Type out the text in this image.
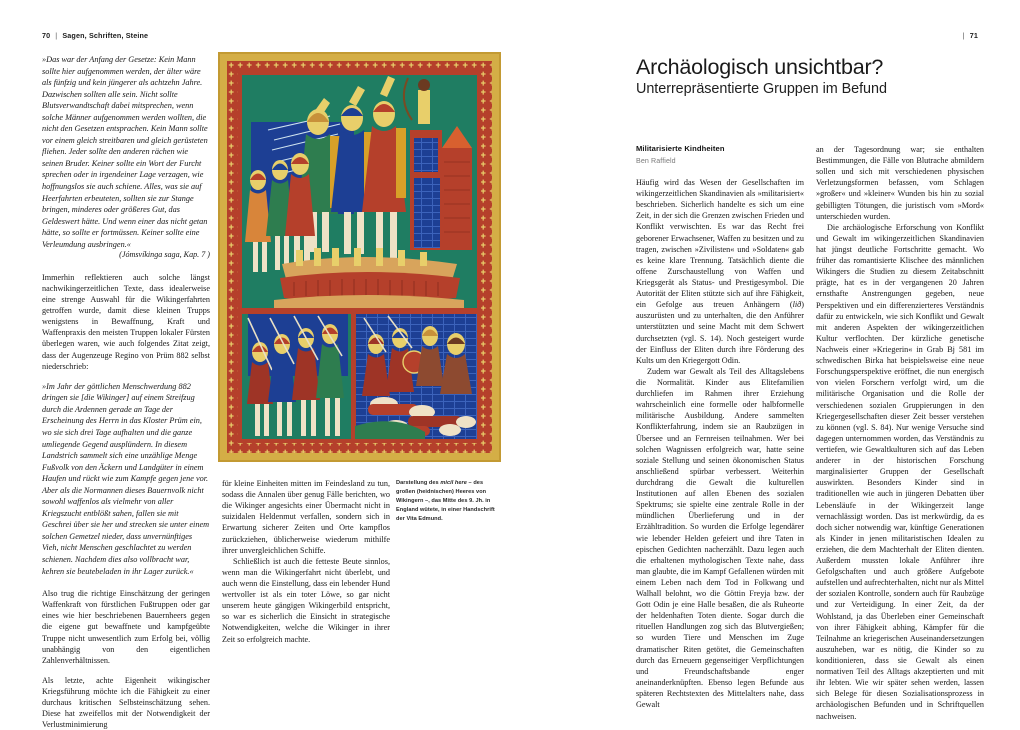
70 | Sagen, Schriften, Steine

»Das war der Anfang der Gesetze: Kein Mann sollte hier aufgenommen werden, der älter wäre als fünfzig und kein jüngerer als achtzehn Jahre. Dazwischen sollten alle sein. Nicht sollte Blutsverwandtschaft dabei mitsprechen, wenn solche Männer aufgenommen werden wollten, die nicht den Gesetzen entsprachen. Kein Mann sollte vor einem gleich streitbaren und gleich gerüsteten fliehen. Jeder sollte den anderen rächen wie seinen Bruder. Keiner sollte ein Wort der Furcht sprechen oder in irgendeiner Lage verzagen, wie hoffnungslos sie auch schiene. Alles, was sie auf Heerfahrten erbeuteten, sollten sie zur Stange bringen, minderes oder größeres Gut, das Geldeswert hätte. Und wenn einer das nicht getan hätte, so sollte er fortmüssen. Keiner sollte eine Verleumdung ausbringen.«

(Jómsvíkinga saga, Kap. 7 )

Immerhin reflektieren auch solche längst nachwikingerzeitlichen Texte, dass idealerweise eine strenge Auswahl für die Wikingerfahrten getroffen wurde, damit diese kleinen Trupps wenigstens in Bewaffnung, Kraft und Waffenpraxis den meisten Truppen lokaler Fürsten überlegen waren, wie auch folgendes Zitat zeigt, dass der Augenzeuge Regino von Prüm 882 selbst niederschrieb:

»Im Jahr der göttlichen Menschwerdung 882 dringen sie [die Wikinger] auf einem Streifzug durch die Ardennen gerade an Tage der Erscheinung des Herrn in das Kloster Prüm ein, wo sie sich drei Tage aufhalten und die ganze umliegende Gegend ausplündern. In diesem Landstrich sammelt sich eine unzählige Menge Fußvolk von den Äckern und Landgüter in einem Haufen und rückt wie zum Kampfe gegen jene vor. Aber als die Normannen dieses Bauernvolk nicht sowohl waffenlos als vielmehr von aller Kriegszucht entblößt sahen, fallen sie mit Geschrei über sie her und strecken sie unter einem solchen Gemetzel nieder, dass unvernünftiges Vieh, nicht Menschen geschlachtet zu werden schienen. Nachdem dies also vollbracht war, kehren sie beutebeladen in ihr Lager zurück.«

Also trug die richtige Einschätzung der geringen Waffenkraft von fürstlichen Fußtruppen oder gar eines wie hier beschriebenen Bauernheers gegen die eigene gut bewaffnete und kampfgeübte Truppe nicht unwesentlich zum Erfolg bei, völlig unabhängig von den eigentlichen Zahlenverhältnissen.

Als letzte, achte Eigenheit wikingischer Kriegsführung möchte ich die Fähigkeit zu einer durchaus kritischen Selbsteinschätzung sehen. Diese hat zweifellos mit der Notwendigkeit der Verlustminimierung

Darstellung des micil here – des großen (heidnischen) Heeres von Wikingern –, das Mitte des 9. Jh. in England wütete, in einer Handschrift der Vita Edmund.

für kleine Einheiten mitten im Feindesland zu tun, sodass die Annalen über genug Fälle berichten, wo die Wikinger angesichts einer Übermacht nicht in suizidalen Heldenmut verfallen, sondern sich in Erwartung sicherer Zeiten und Orte kampflos zurückziehen, üblicherweise wiederum mithilfe ihrer unvergleichlichen Schiffe.

Schließlich ist auch die fetteste Beute sinnlos, wenn man die Wikingerfahrt nicht überlebt, und auch wenn die Einstellung, dass ein lebender Hund wertvoller ist als ein toter Löwe, so gar nicht unserem heute gängigen Wikingerbild entspricht, so war es sicherlich die Einsicht in strategische Notwendigkeiten, welche die Wikinger in ihrer Zeit so erfolgreich machte.

| 71
Archäologisch unsichtbar?
Unterrepräsentierte Gruppen im Befund
Militarisierte Kindheiten
Ben Raffield

Häufig wird das Wesen der Gesellschaften im wikingerzeitlichen Skandinavien als »militarisiert« beschrieben. Sicherlich handelte es sich um eine Zeit, in der sich die Grenzen zwischen Frieden und Konflikt verwischten. Es war das Recht frei geborener Erwachsener, Waffen zu besitzen und zu tragen, zwischen »Zivilisten« und »Soldaten« gab es keine klare Trennung. Tatsächlich diente die offene Zurschaustellung von Waffen und Kriegsgerät als Status- und Prestigesymbol. Die Autorität der Eliten stützte sich auf ihre Fähigkeit, ein Gefolge aus treuen Anhängern (lið) auszurüsten und zu unterhalten, die den Anführer unterstützten und seine Macht mit dem Schwert durchsetzten (vgl. S. 14). Noch gesteigert wurde der Einfluss der Eliten durch ihre Förderung des Kults um den Kriegergott Odin.

Zudem war Gewalt als Teil des Alltagslebens die Normalität. Kinder aus Elitefamilien durchliefen im Rahmen ihrer Erziehung wahrscheinlich eine formelle oder halbformelle militärische Ausbildung. Andere sammelten Konflikterfahrung, indem sie an Raubzügen in Übersee und an Fernreisen teilnahmen. Wer bei solchen Wagnissen erfolgreich war, hatte seine soziale Stellung und seinen ökonomischen Status anschließend spürbar verbessert. Weiterhin durchdrang die Gewalt die kulturellen Institutionen auf allen Ebenen des sozialen Spektrums; sie spielte eine zentrale Rolle in der mündlichen Überlieferung und in der Erzähltradition. So wurden die Erfolge legendärer wie lebender Helden gefeiert und ihre Taten in epischen Gedichten nacherzählt. Dazu legen auch die erhaltenen mythologischen Texte nahe, dass man glaubte, die im Kampf Gefallenen würden mit einem Leben nach dem Tod in Folkwang und Walhall belohnt, wo die Göttin Freyja bzw. der Gott Odin je eine Halle besaßen, die als Ruheorte der heldenhaften Toten diente. Sogar durch die rituellen Handlungen zog sich das Blutvergießen; so wurden Tiere und Menschen im Zuge dramatischer Riten getötet, die Gemeinschaften durch das Erneuern gegenseitiger Verpflichtungen und Freundschaftsbande enger aneinanderknüpften. Ebenso legen Befunde aus späteren Rechtstexten des Mittelalters nahe, dass Gewalt

an der Tagesordnung war; sie enthalten Bestimmungen, die Fälle von Blutrache abmildern sollen und sich mit verschiedenen physischen Verletzungsformen befassen, vom Schlagen »großer« und »kleiner« Wunden bis hin zu sozial gebilligten Tötungen, die juristisch vom »Mord« unterschieden wurden.

Die archäologische Erforschung von Konflikt und Gewalt im wikingerzeitlichen Skandinavien hat jüngst deutliche Fortschritte gemacht. Wo früher das romantisierte Klischee des männlichen Wikingers die Studien zu diesem Zeitabschnitt prägte, hat es in der vergangenen 20 Jahren ernsthafte Anstrengungen gegeben, neue Perspektiven und ein differenzierteres Verständnis dafür zu entwickeln, wie sich Konflikt und Gewalt mit anderen Aspekten der wikingerzeitlichen Kultur verflochten. Der kürzliche genetische Nachweis einer »Kriegerin« in Grab Bj 581 im schwedischen Birka hat beispielsweise eine neue Forschungsperspektive eröffnet, die nun energisch von vielen Forschern verfolgt wird, um die militärische Organisation und die Rolle der verschiedenen sozialen Gruppierungen in den Kriegergesellschaften dieser Zeit besser verstehen zu können (vgl. S. 84). Nur wenige Versuche sind dagegen unternommen worden, das Verständnis zu vertiefen, wie Gewaltkulturen sich auf das Leben anderer in der historischen Forschung marginalisierter Gruppen der Gesellschaft auswirkten. Besonders Kinder sind in traditionellen wie auch in jüngeren Debatten über Lebensläufe in der Wikingerzeit lange vernachlässigt worden. Das ist merkwürdig, da es doch sicher notwendig war, künftige Generationen als Kinder in jenen militaristischen Idealen zu erziehen, die dem Machterhalt der Eliten dienten. Außerdem mussten lokale Anführer ihre Gefolgschaften und auch größere Aufgebote aufstellen und aufrechterhalten, nicht nur als Mittel der sozialen Kontrolle, sondern auch für Raubzüge und zur Verteidigung. In einer Zeit, da der Wohlstand, ja das Überleben einer Gemeinschaft von ihrer Fähigkeit abhing, Kämpfer für die Teilnahme an kriegerischen Auseinandersetzungen auszuheben, war es nötig, die Kinder so zu konditionieren, dass sie Gewalt als einen normativen Teil des Alltags akzeptierten und mit ihr lebten. Wie wir später sehen werden, lassen sich Belege für diesen Sozialisationsprozess in archäologischen Befunden und in Schriftquellen nachweisen.
